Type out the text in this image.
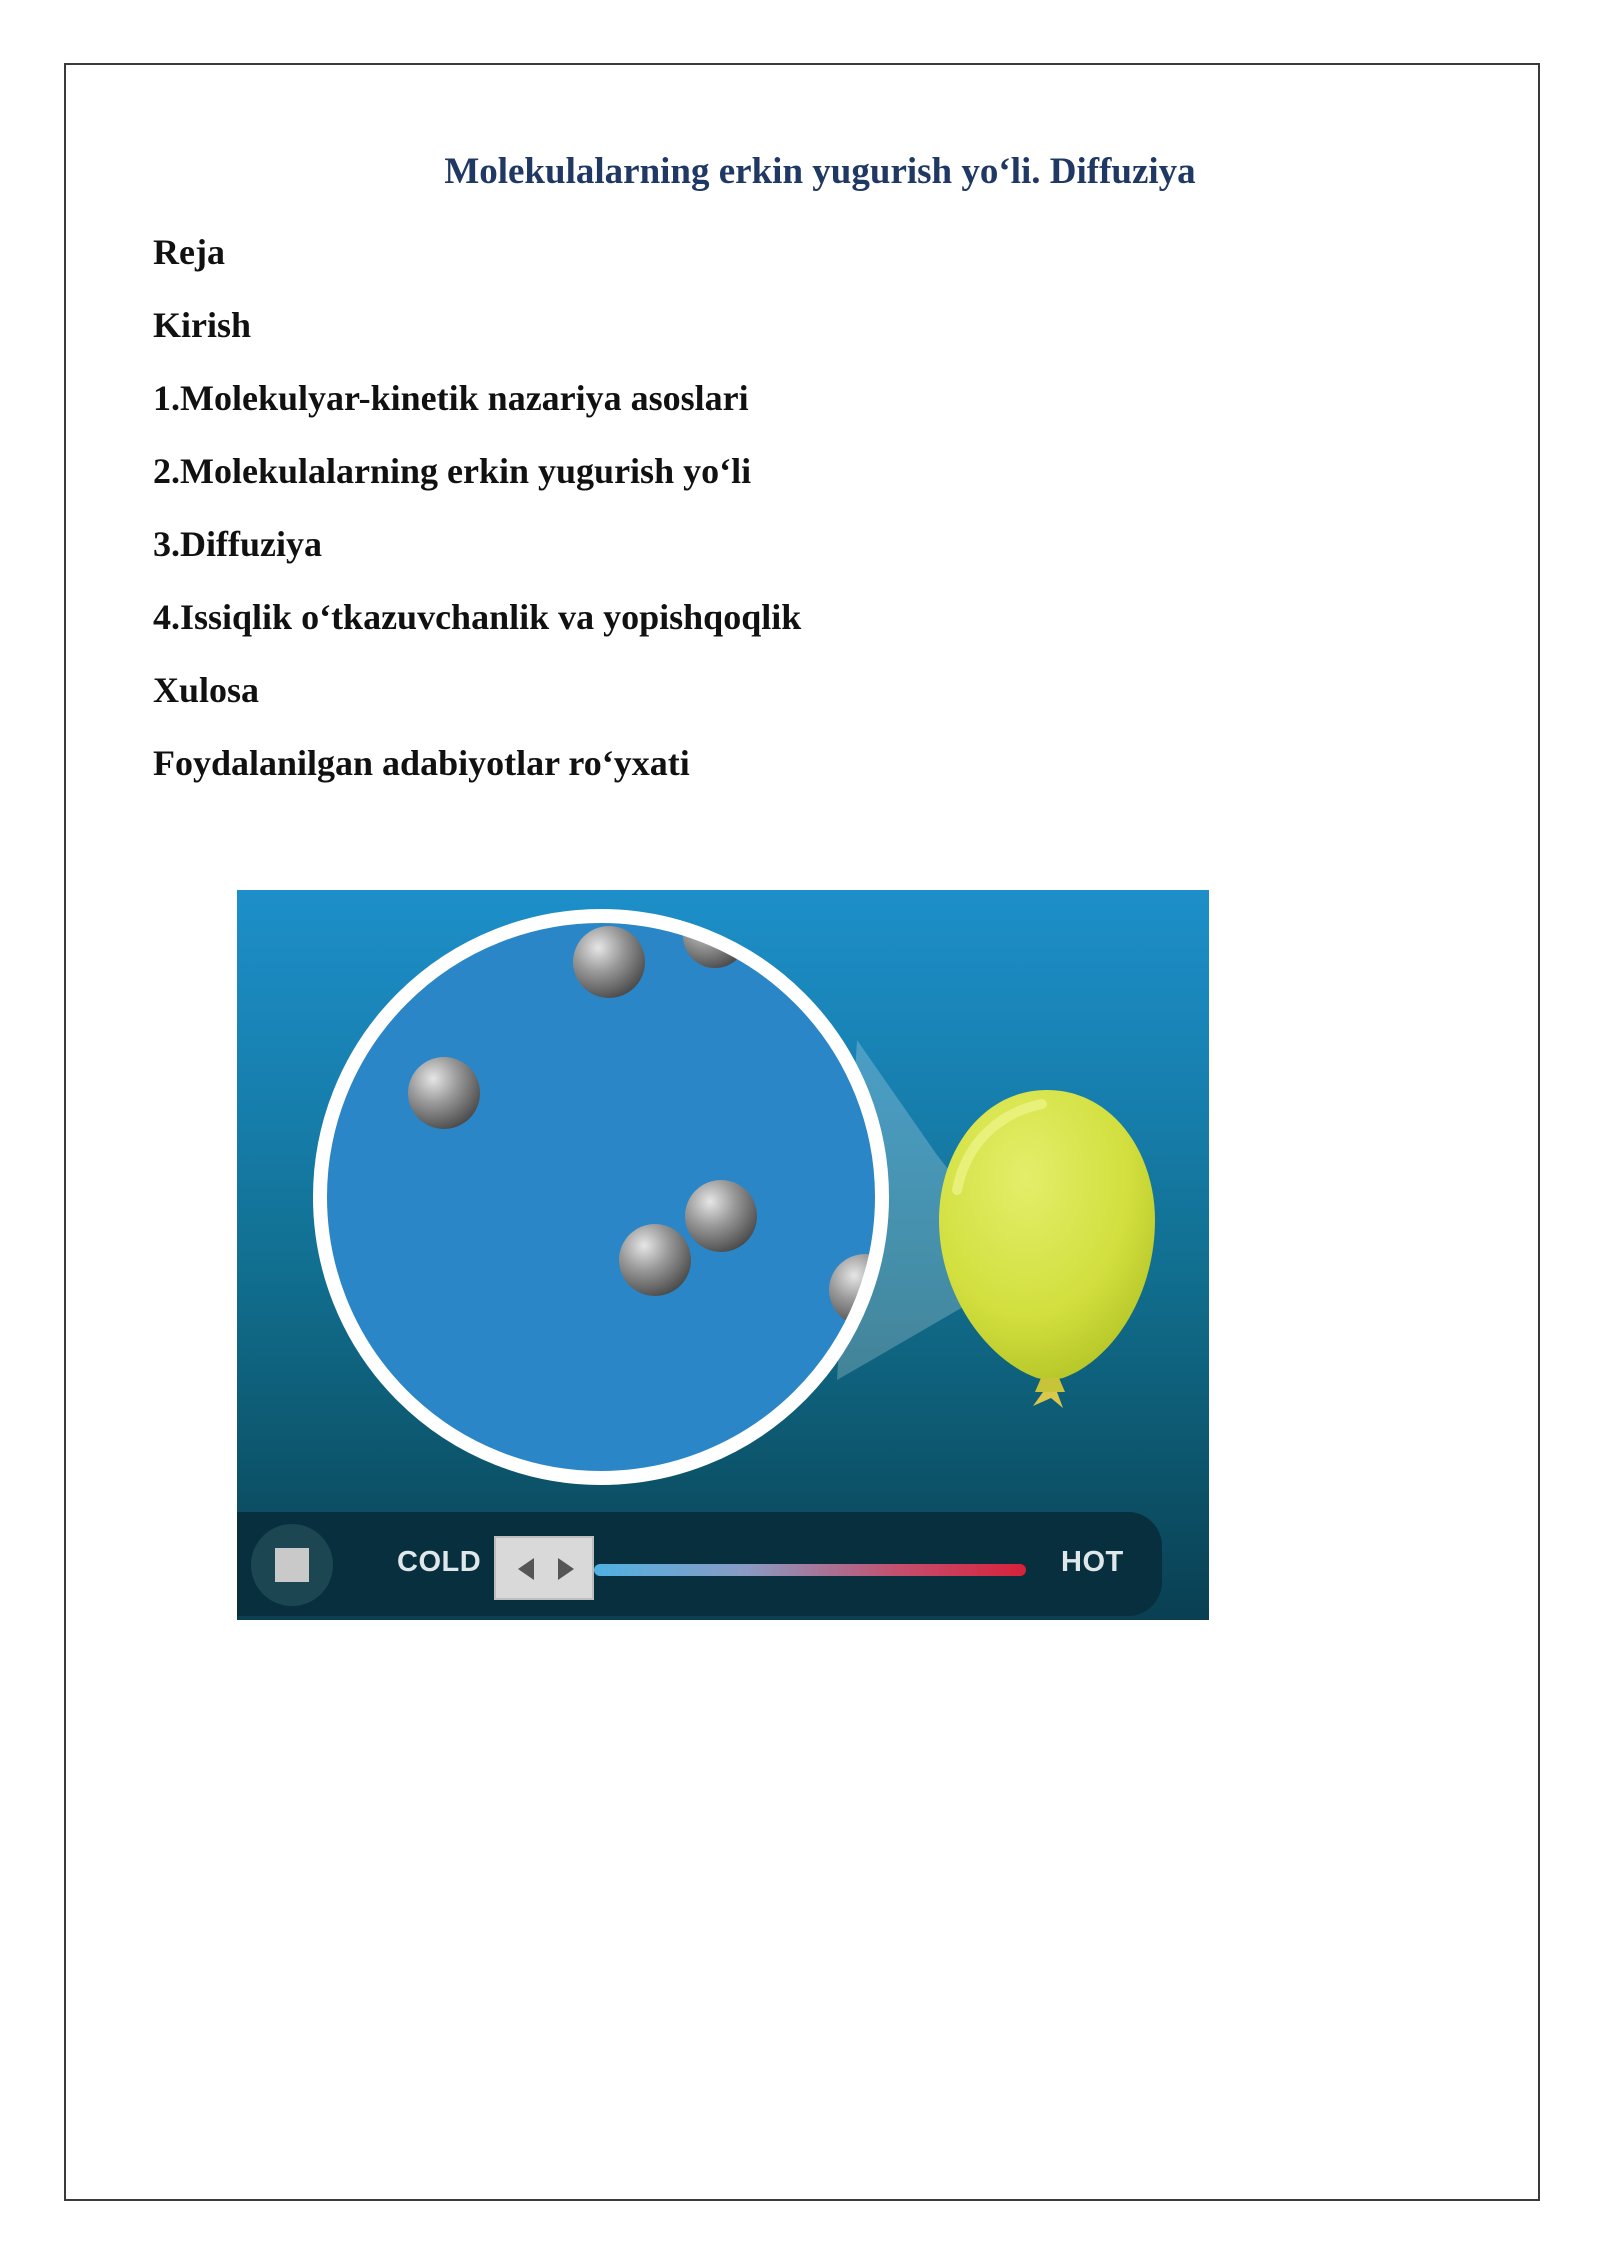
Molekulalarning erkin yugurish yo‘li. Diffuziya
Reja
Kirish
1.Molekulyar-kinetik nazariya asoslari
2.Molekulalarning erkin yugurish yo‘li
3.Diffuziya
4.Issiqlik o‘tkazuvchanlik va yopishqoqlik
Xulosa
Foydalanilgan adabiyotlar ro‘yxati
COLD	HOT
